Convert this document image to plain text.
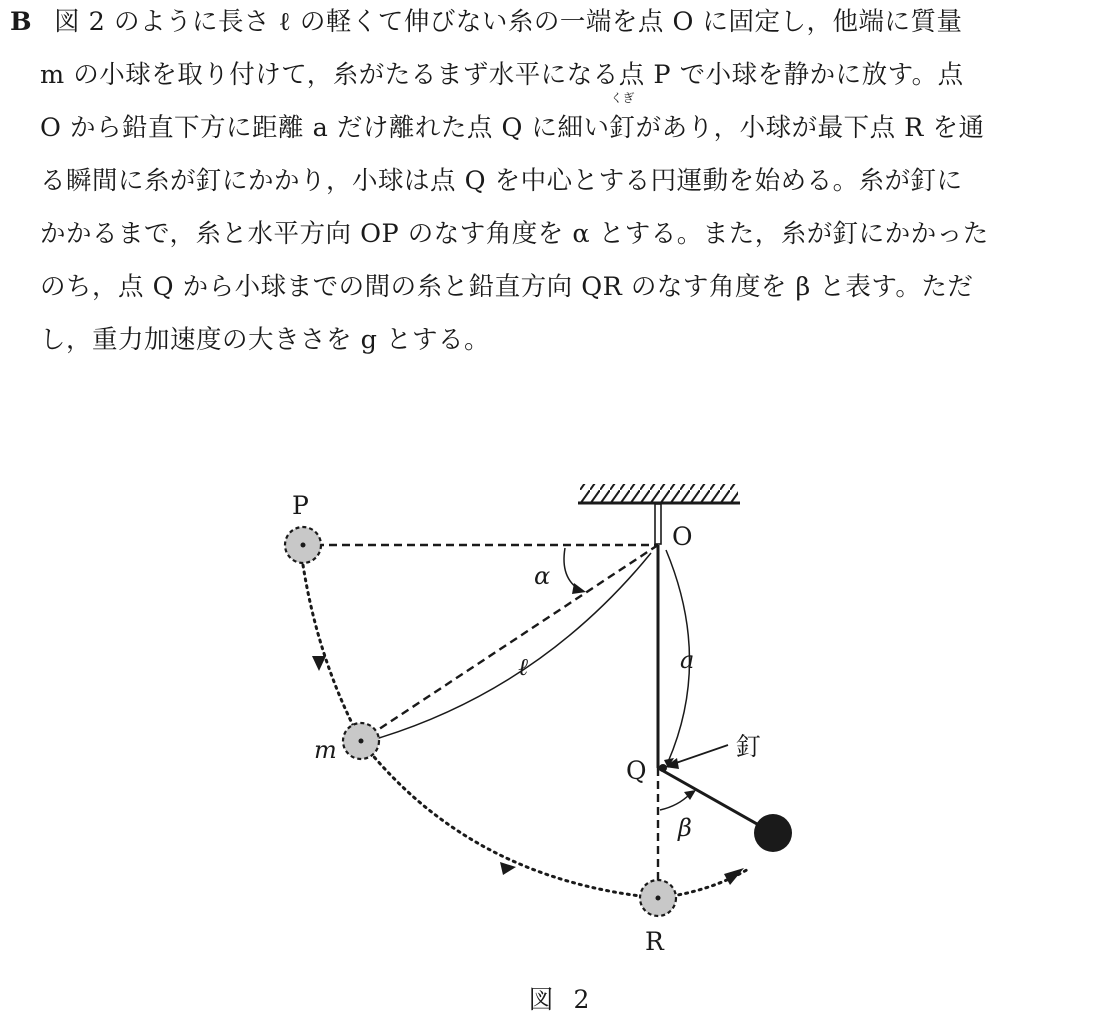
B 図 2 のように長さ ℓ の軽くて伸びない糸の一端を点 O に固定し，他端に質量
m の小球を取り付けて，糸がたるまず水平になる点 P で小球を静かに放す。点
O から鉛直下方に距離 a だけ離れた点 Q に細い
くぎ
釘があり，小球が最下点 R を通
る瞬間に糸が釘にかかり，小球は点 Q を中心とする円運動を始める。糸が釘に
かかるまで，糸と水平方向 OP のなす角度を α とする。また，糸が釘にかかった
のち，点 Q から小球までの間の糸と鉛直方向 QR のなす角度を β と表す。ただ
し，重力加速度の大きさを g とする。
P
O
α
ℓ	a
釘
Q
m
β
R
図 2
